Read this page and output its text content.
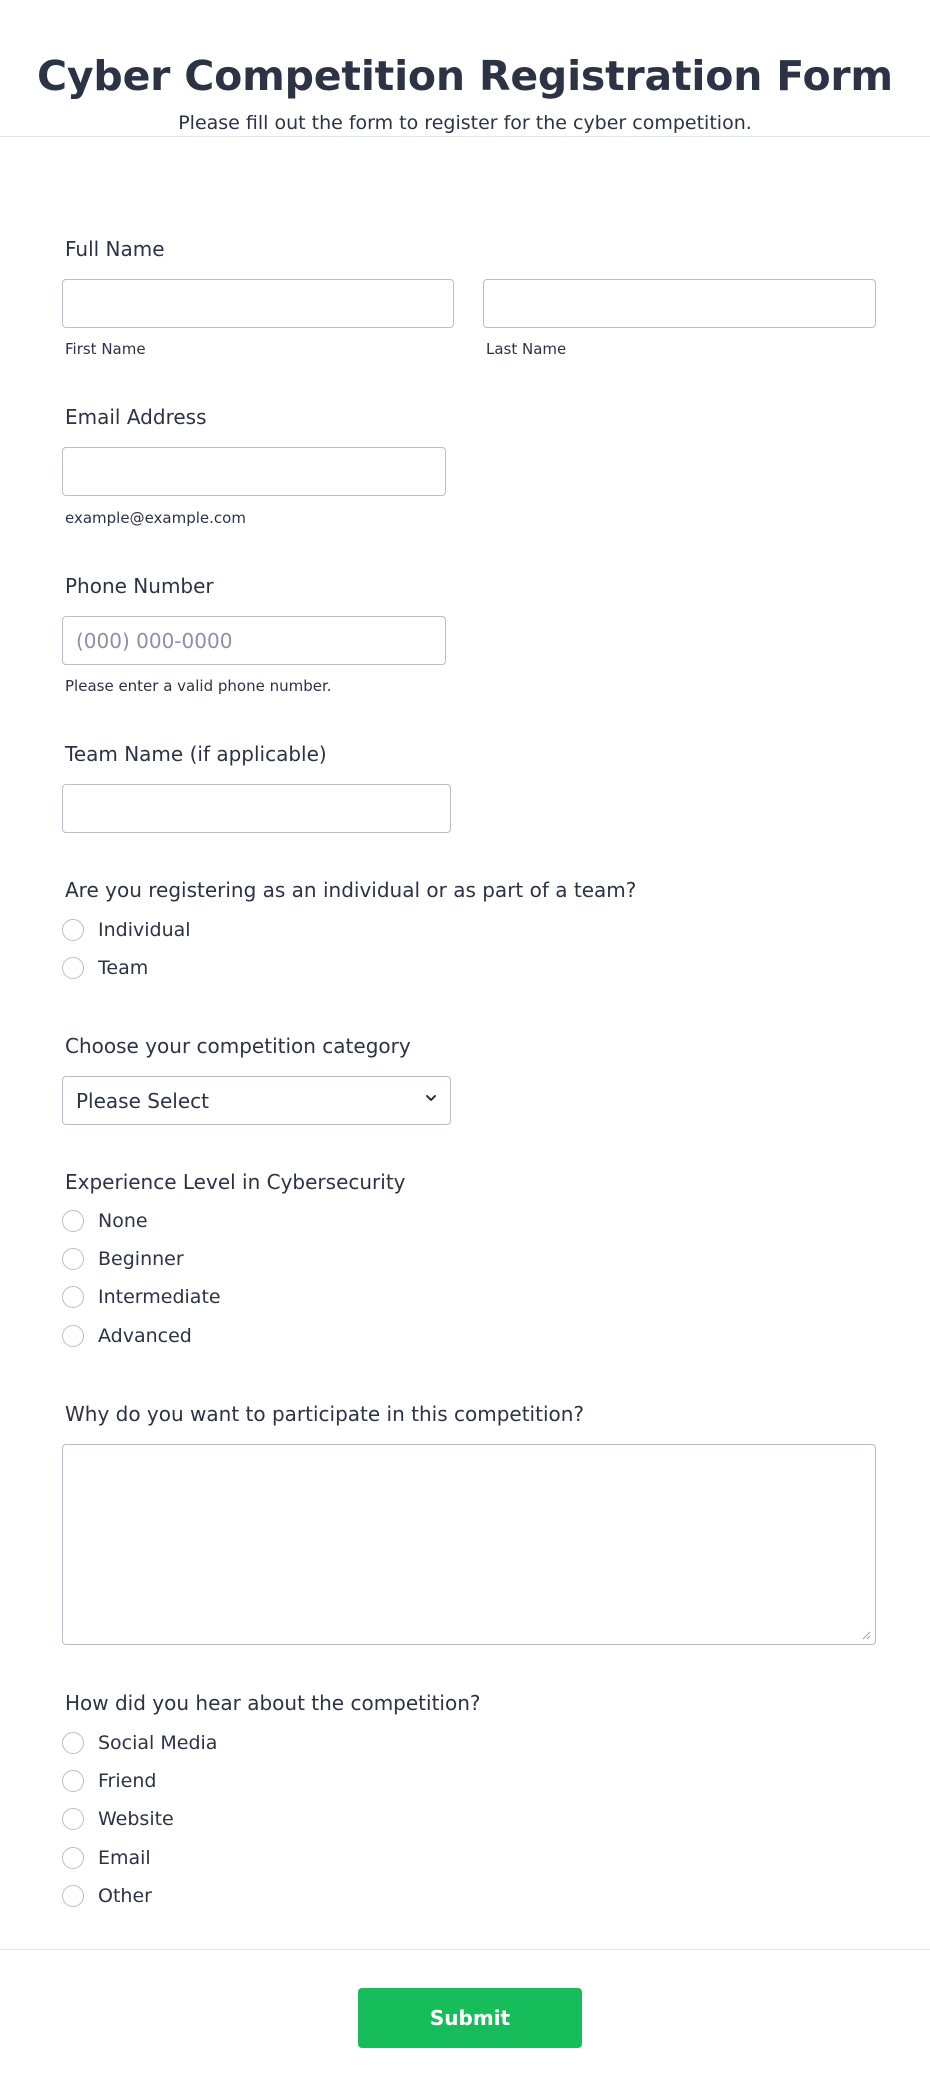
Cyber Competition Registration Form
Please fill out the form to register for the cyber competition.
Full Name
First Name	Last Name
Email Address
example@example.com
Phone Number
(000) 000-0000
Please enter a valid phone number.
Team Name (if applicable)
Are you registering as an individual or as part of a team?
Individual
Team
Choose your competition category
Please Select
Experience Level in Cybersecurity
None
Beginner
Intermediate
Advanced
Why do you want to participate in this competition?
How did you hear about the competition?
Social Media
Friend
Website
Email
Other
Submit
